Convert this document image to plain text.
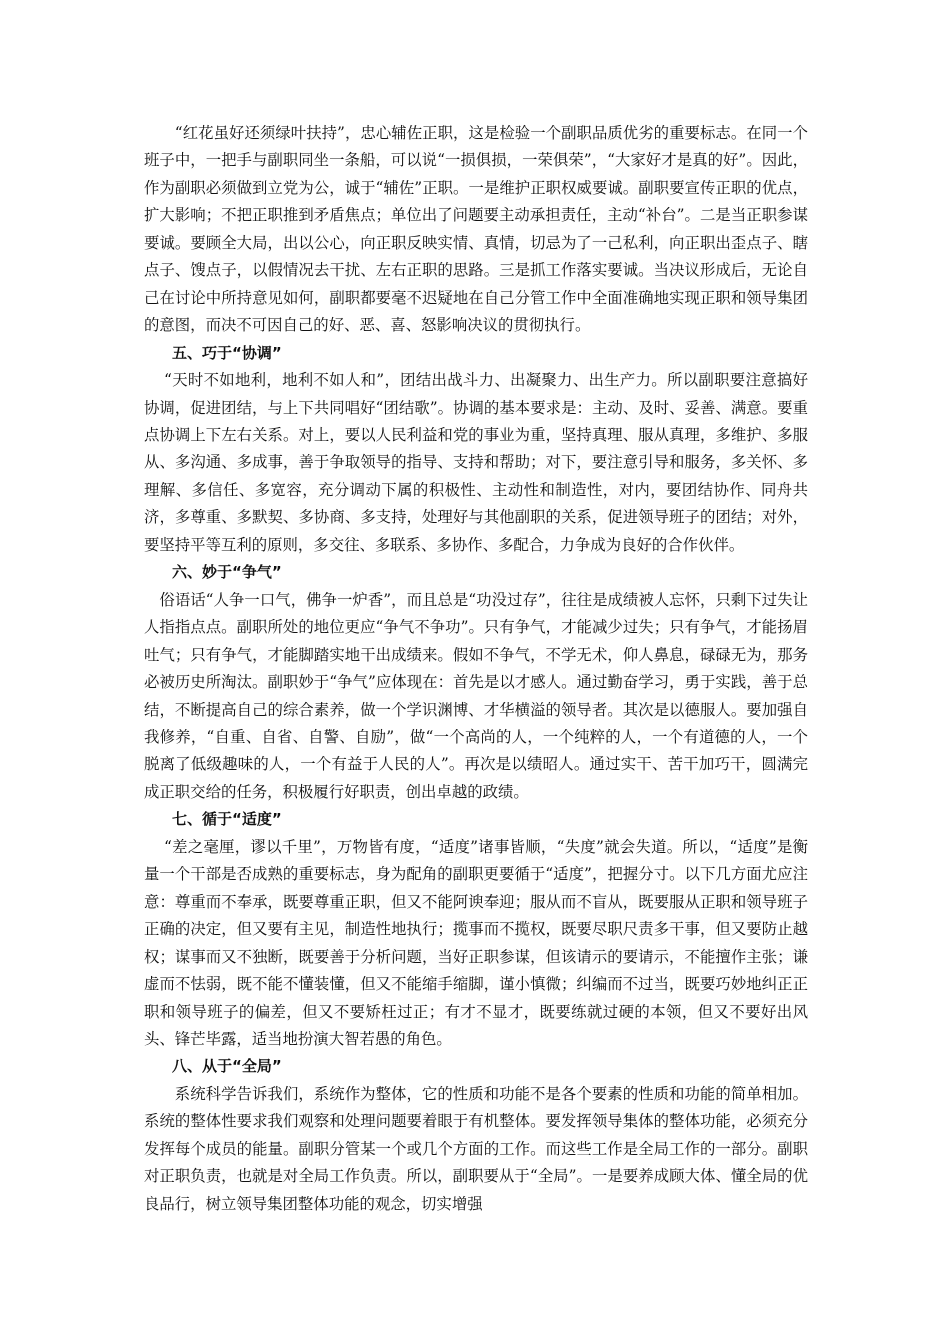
“红花虽好还须绿叶扶持”，忠心辅佐正职，这是检验一个副职品质优劣的重要标志。在同一个班子中，一把手与副职同坐一条船，可以说“一损俱损，一荣俱荣”，“大家好才是真的好”。因此，作为副职必须做到立党为公，诚于“辅佐”正职。一是维护正职权威要诚。副职要宣传正职的优点，扩大影响；不把正职推到矛盾焦点；单位出了问题要主动承担责任，主动“补台”。二是当正职参谋要诚。要顾全大局，出以公心，向正职反映实情、真情，切忌为了一己私利，向正职出歪点子、瞎点子、馊点子，以假情况去干扰、左右正职的思路。三是抓工作落实要诚。当决议形成后，无论自己在讨论中所持意见如何，副职都要毫不迟疑地在自己分管工作中全面准确地实现正职和领导集团的意图，而决不可因自己的好、恶、喜、怒影响决议的贯彻执行。

五、巧于“协调”

“天时不如地利，地利不如人和”，团结出战斗力、出凝聚力、出生产力。所以副职要注意搞好协调，促进团结，与上下共同唱好“团结歌”。协调的基本要求是：主动、及时、妥善、满意。要重点协调上下左右关系。对上，要以人民利益和党的事业为重，坚持真理、服从真理，多维护、多服从、多沟通、多成事，善于争取领导的指导、支持和帮助；对下，要注意引导和服务，多关怀、多理解、多信任、多宽容，充分调动下属的积极性、主动性和制造性，对内，要团结协作、同舟共济，多尊重、多默契、多协商、多支持，处理好与其他副职的关系，促进领导班子的团结；对外，要坚持平等互利的原则，多交往、多联系、多协作、多配合，力争成为良好的合作伙伴。

六、妙于“争气”

俗语话“人争一口气，佛争一炉香”，而且总是“功没过存”，往往是成绩被人忘怀，只剩下过失让人指指点点。副职所处的地位更应“争气不争功”。只有争气，才能减少过失；只有争气，才能扬眉吐气；只有争气，才能脚踏实地干出成绩来。假如不争气，不学无术，仰人鼻息，碌碌无为，那务必被历史所淘汰。副职妙于“争气”应体现在：首先是以才感人。通过勤奋学习，勇于实践，善于总结，不断提高自己的综合素养，做一个学识渊博、才华横溢的领导者。其次是以德服人。要加强自我修养，“自重、自省、自警、自励”，做“一个高尚的人，一个纯粹的人，一个有道德的人，一个脱离了低级趣味的人，一个有益于人民的人”。再次是以绩昭人。通过实干、苦干加巧干，圆满完成正职交给的任务，积极履行好职责，创出卓越的政绩。

七、循于“适度”

“差之毫厘，谬以千里”，万物皆有度，“适度”诸事皆顺，“失度”就会失道。所以，“适度”是衡量一个干部是否成熟的重要标志，身为配角的副职更要循于“适度”，把握分寸。以下几方面尤应注意：尊重而不奉承，既要尊重正职，但又不能阿谀奉迎；服从而不盲从，既要服从正职和领导班子正确的决定，但又要有主见，制造性地执行；揽事而不揽权，既要尽职尺责多干事，但又要防止越权；谋事而又不独断，既要善于分析问题，当好正职参谋，但该请示的要请示，不能擅作主张；谦虚而不怯弱，既不能不懂装懂，但又不能缩手缩脚，谨小慎微；纠编而不过当，既要巧妙地纠正正职和领导班子的偏差，但又不要矫枉过正；有才不显才，既要练就过硬的本领，但又不要好出风头、锋芒毕露，适当地扮演大智若愚的角色。

八、从于“全局”

系统科学告诉我们，系统作为整体，它的性质和功能不是各个要素的性质和功能的简单相加。系统的整体性要求我们观察和处理问题要着眼于有机整体。要发挥领导集体的整体功能，必须充分发挥每个成员的能量。副职分管某一个或几个方面的工作。而这些工作是全局工作的一部分。副职对正职负责，也就是对全局工作负责。所以，副职要从于“全局”。一是要养成顾大体、懂全局的优良品行，树立领导集团整体功能的观念，切实增强
